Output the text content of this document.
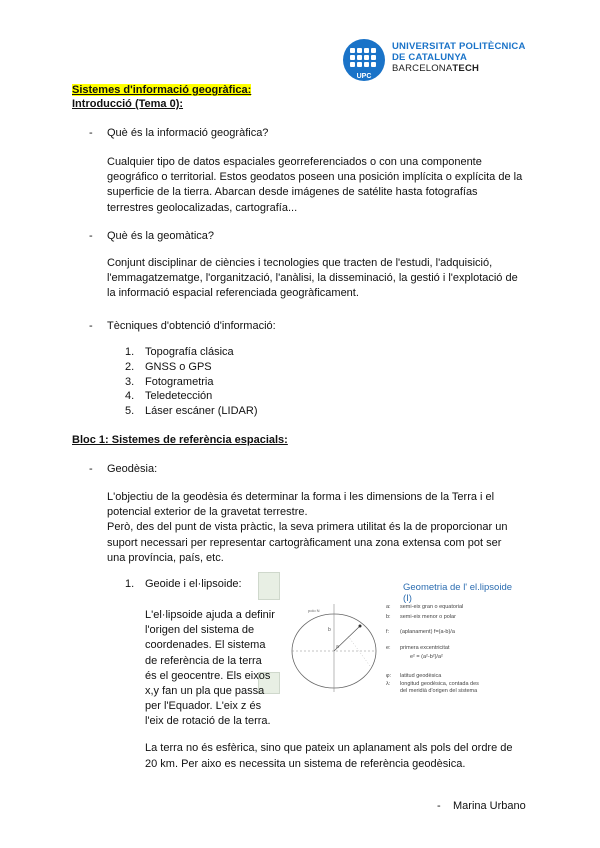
UPC
UNIVERSITAT POLITÈCNICA
DE CATALUNYA
BARCELONATECH
Sistemes d'informació geogràfica:
Introducció (Tema 0):
- Què és la informació geogràfica?
Cualquier tipo de datos espaciales georreferenciados o con una componente
geográfico o territorial. Estos geodatos poseen una posición implícita o explícita de la
superficie de la tierra. Abarcan desde imágenes de satélite hasta fotografías
terrestres geolocalizadas, cartografía...
- Què és la geomàtica?
Conjunt disciplinar de ciències i tecnologies que tracten de l'estudi, l'adquisició,
l'emmagatzematge, l'organització, l'anàlisi, la disseminació, la gestió i l'explotació de
la informació espacial referenciada geogràficament.
- Tècniques d'obtenció d'informació:
1. Topografía clásica
2. GNSS o GPS
3. Fotogrametria
4. Teledetección
5. Láser escáner (LIDAR)
Bloc 1: Sistemes de referència espacials:
- Geodèsia:
L'objectiu de la geodèsia és determinar la forma i les dimensions de la Terra i el
potencial exterior de la gravetat terrestre.
Però, des del punt de vista pràctic, la seva primera utilitat és la de proporcionar un
suport necessari per representar cartogràficament una zona extensa com pot ser
una província, país, etc.
1. Geoide i el·lipsoide:
L'el·lipsoide ajuda a definir
l'origen del sistema de
coordenades. El sistema
de referència de la terra
és el geocentre. Els eixos
x,y fan un pla que passa
per l'Equador. L'eix z és
l'eix de rotació de la terra.
Geometria de l' el.lipsoide (I)
polo N
a
b
a: semi-eix gran o equatorial
b: semi-eix menor o polar
f: (aplanament) f=(a-b)/a
e: primera excentricitat
e² = (a²-b²)/a²
φ: latitud geodèsica
λ: longitud geodèsica, contada des
del meridià d'origen del sistema
La terra no és esfèrica, sino que pateix un aplanament als pols del ordre de
20 km. Per aixo es necessita un sistema de referència geodèsica.
- Marina Urbano
